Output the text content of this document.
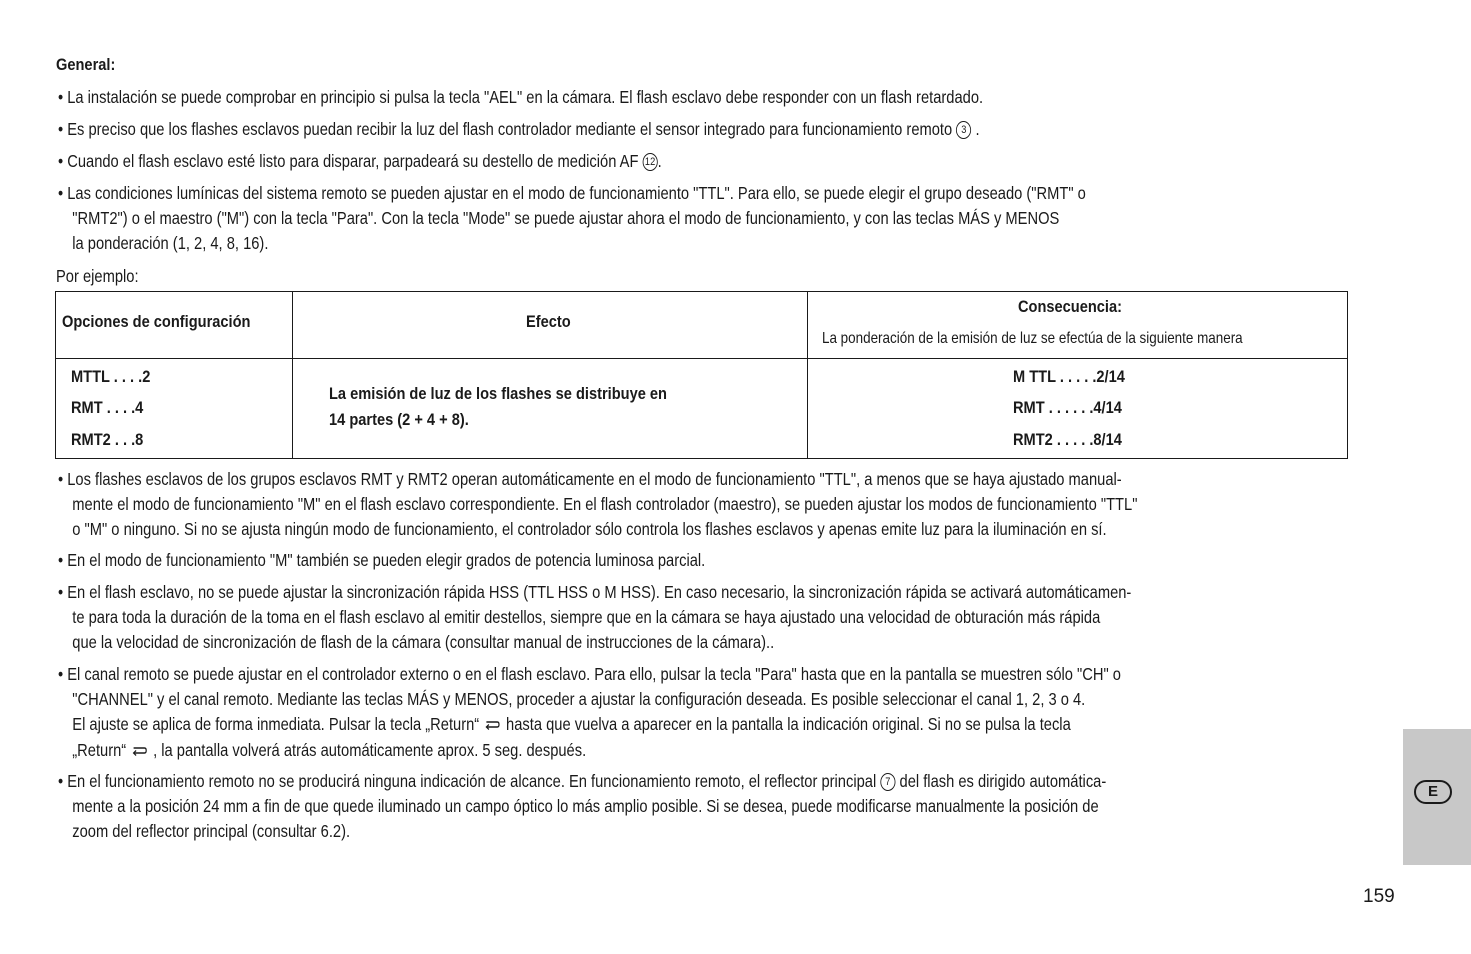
General:
• La instalación se puede comprobar en principio si pulsa la tecla "AEL" en la cámara. El flash esclavo debe responder con un flash retardado.
• Es preciso que los flashes esclavos puedan recibir la luz del flash controlador mediante el sensor integrado para funcionamiento remoto 3 .
• Cuando el flash esclavo esté listo para disparar, parpadeará su destello de medición AF 12 .
• Las condiciones lumínicas del sistema remoto se pueden ajustar en el modo de funcionamiento "TTL". Para ello, se puede elegir el grupo deseado ("RMT" o
"RMT2") o el maestro ("M") con la tecla "Para". Con la tecla "Mode" se puede ajustar ahora el modo de funcionamiento, y con las teclas MÁS y MENOS
la ponderación (1, 2, 4, 8, 16).
Por ejemplo:
Opciones de configuración	Efecto
Consecuencia:
La ponderación de la emisión de luz se efectúa de la siguiente manera
MTTL . . . .2
RMT . . . .4
RMT2 . . .8
La emisión de luz de los flashes se distribuye en
14 partes (2 + 4 + 8).
M TTL . . . . .2/14
RMT . . . . . .4/14
RMT2 . . . . .8/14
• Los flashes esclavos de los grupos esclavos RMT y RMT2 operan automáticamente en el modo de funcionamiento "TTL", a menos que se haya ajustado manual-
mente el modo de funcionamiento "M" en el flash esclavo correspondiente. En el flash controlador (maestro), se pueden ajustar los modos de funcionamiento "TTL"
o "M" o ninguno. Si no se ajusta ningún modo de funcionamiento, el controlador sólo controla los flashes esclavos y apenas emite luz para la iluminación en sí.
• En el modo de funcionamiento "M" también se pueden elegir grados de potencia luminosa parcial.
• En el flash esclavo, no se puede ajustar la sincronización rápida HSS (TTL HSS o M HSS). En caso necesario, la sincronización rápida se activará automáticamen-
te para toda la duración de la toma en el flash esclavo al emitir destellos, siempre que en la cámara se haya ajustado una velocidad de obturación más rápida
que la velocidad de sincronización de flash de la cámara (consultar manual de instrucciones de la cámara)..
• El canal remoto se puede ajustar en el controlador externo o en el flash esclavo. Para ello, pulsar la tecla "Para" hasta que en la pantalla se muestren sólo "CH" o
"CHANNEL" y el canal remoto. Mediante las teclas MÁS y MENOS, proceder a ajustar la configuración deseada. Es posible seleccionar el canal 1, 2, 3 o 4.
El ajuste se aplica de forma inmediata. Pulsar la tecla „Return“ hasta que vuelva a aparecer en la pantalla la indicación original. Si no se pulsa la tecla
„Return“ , la pantalla volverá atrás automáticamente aprox. 5 seg. después.
• En el funcionamiento remoto no se producirá ninguna indicación de alcance. En funcionamiento remoto, el reflector principal 7 del flash es dirigido automática-
mente a la posición 24 mm a fin de que quede iluminado un campo óptico lo más amplio posible. Si se desea, puede modificarse manualmente la posición de
zoom del reflector principal (consultar 6.2).
E
159
